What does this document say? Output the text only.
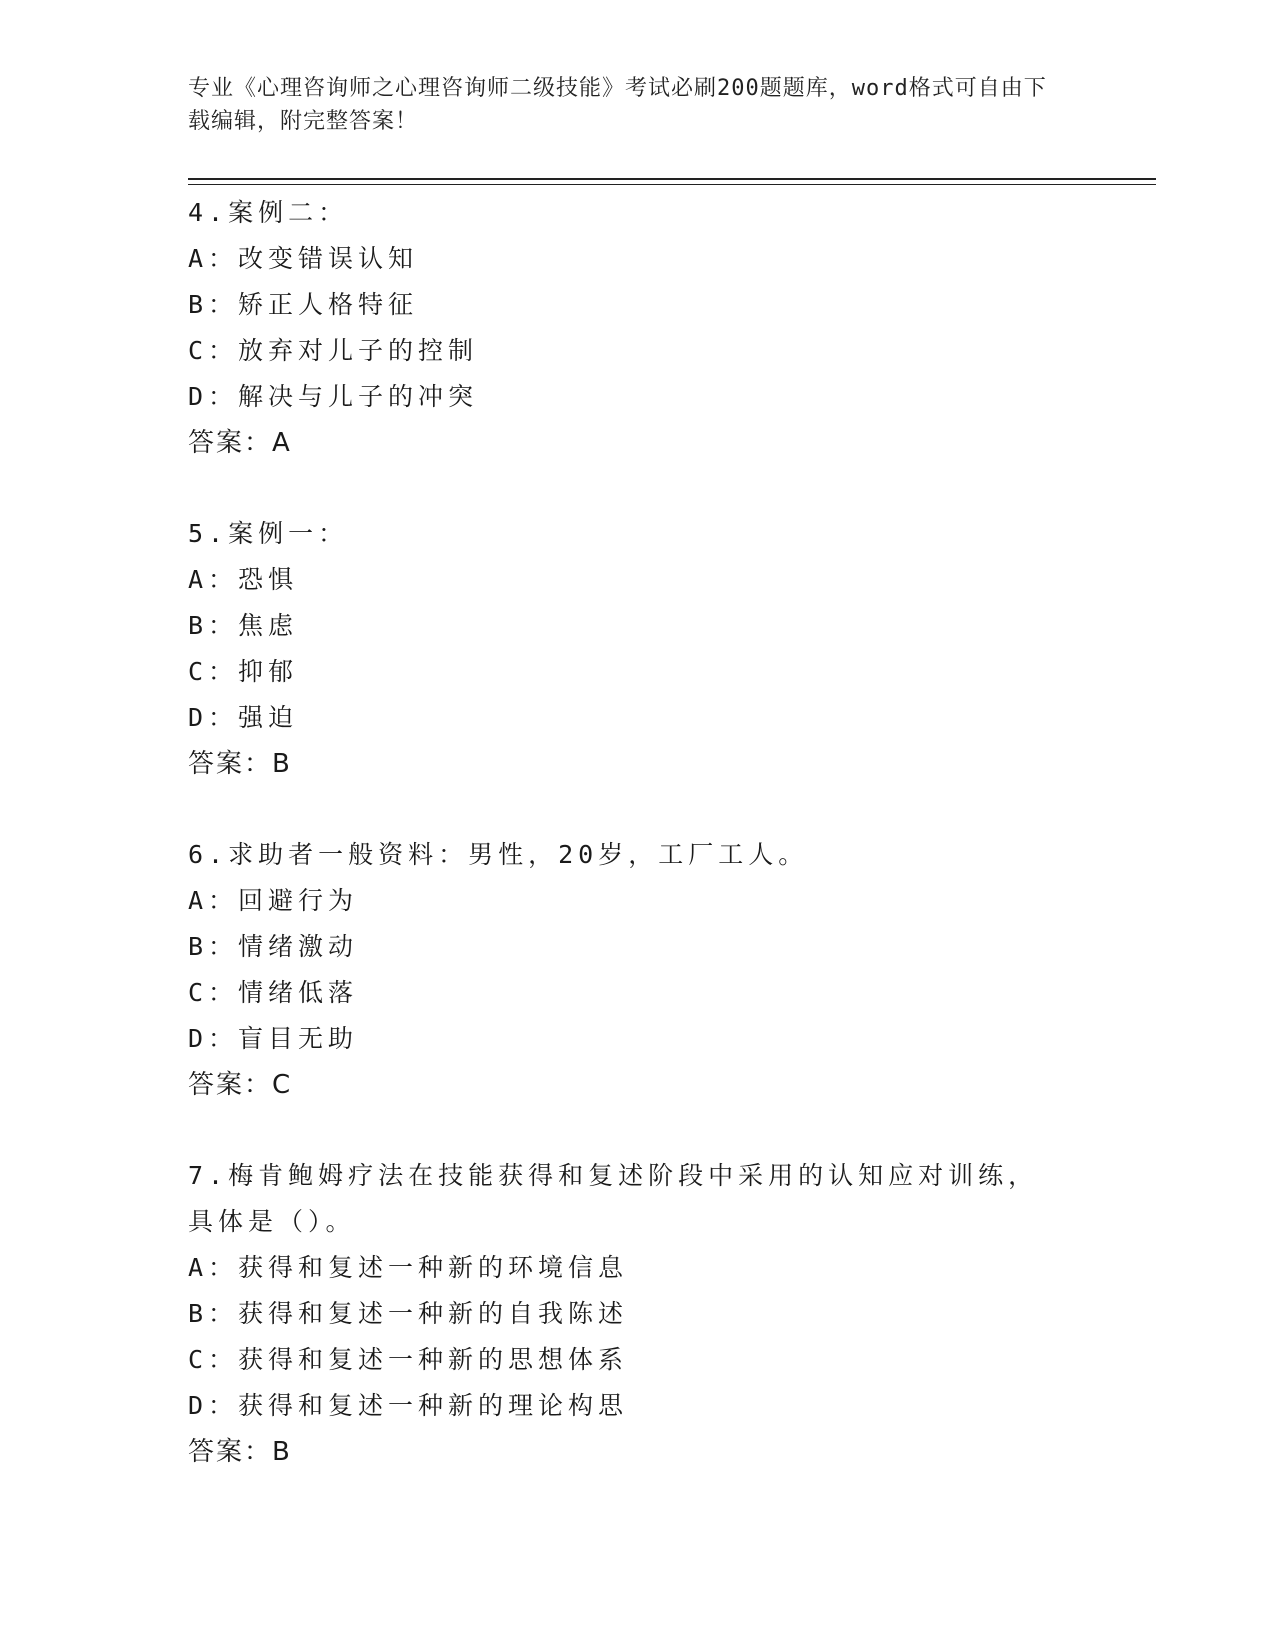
专业《心理咨询师之心理咨询师二级技能》考试必刷200题题库，word格式可自由下载编辑，附完整答案！
4.案例二：
A：改变错误认知
B：矫正人格特征
C：放弃对儿子的控制
D：解决与儿子的冲突
答案：A
5.案例一：
A：恐惧
B：焦虑
C：抑郁
D：强迫
答案：B
6.求助者一般资料：男性，20岁，工厂工人。
A：回避行为
B：情绪激动
C：情绪低落
D：盲目无助
答案：C
7.梅肯鲍姆疗法在技能获得和复述阶段中采用的认知应对训练，具体是（）。
A：获得和复述一种新的环境信息
B：获得和复述一种新的自我陈述
C：获得和复述一种新的思想体系
D：获得和复述一种新的理论构思
答案：B
